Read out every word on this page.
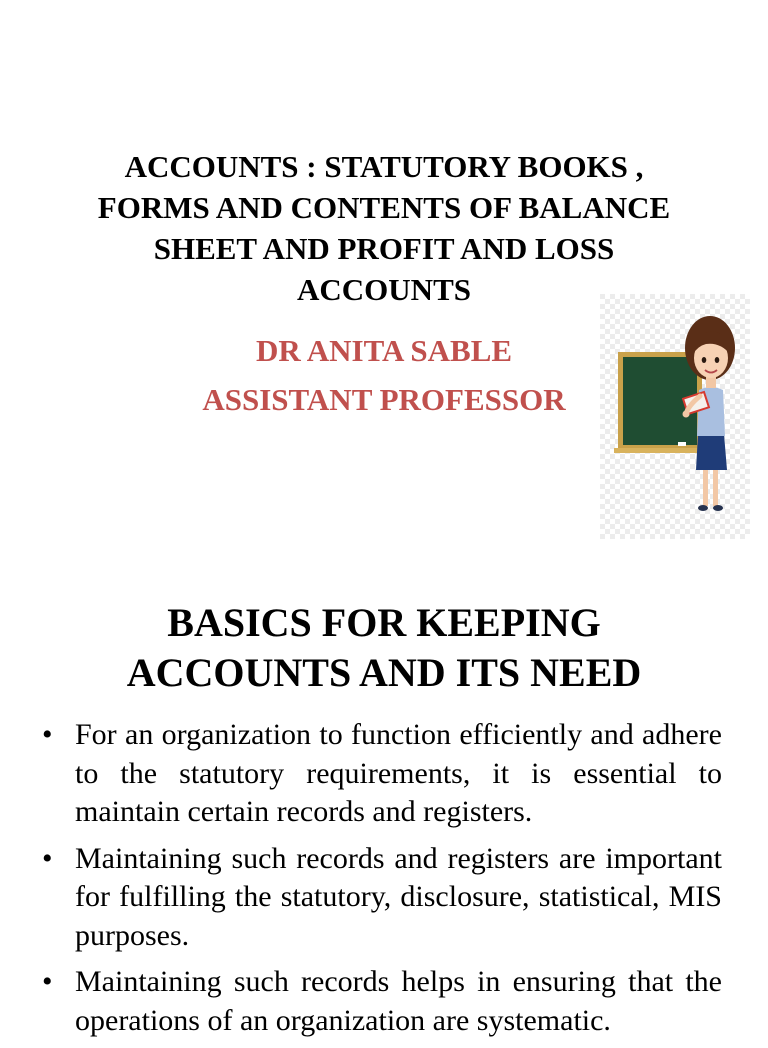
ACCOUNTS : STATUTORY BOOKS ,
FORMS AND CONTENTS OF BALANCE
SHEET AND PROFIT AND LOSS
ACCOUNTS

DR ANITA SABLE

ASSISTANT PROFESSOR

BASICS FOR KEEPING
ACCOUNTS AND ITS NEED
• For an organization to function efficiently and adhere to the statutory requirements, it is essential to maintain certain records and registers.
• Maintaining such records and registers are important for fulfilling the statutory, disclosure, statistical, MIS purposes.
• Maintaining such records helps in ensuring that the operations of an organization are systematic.
